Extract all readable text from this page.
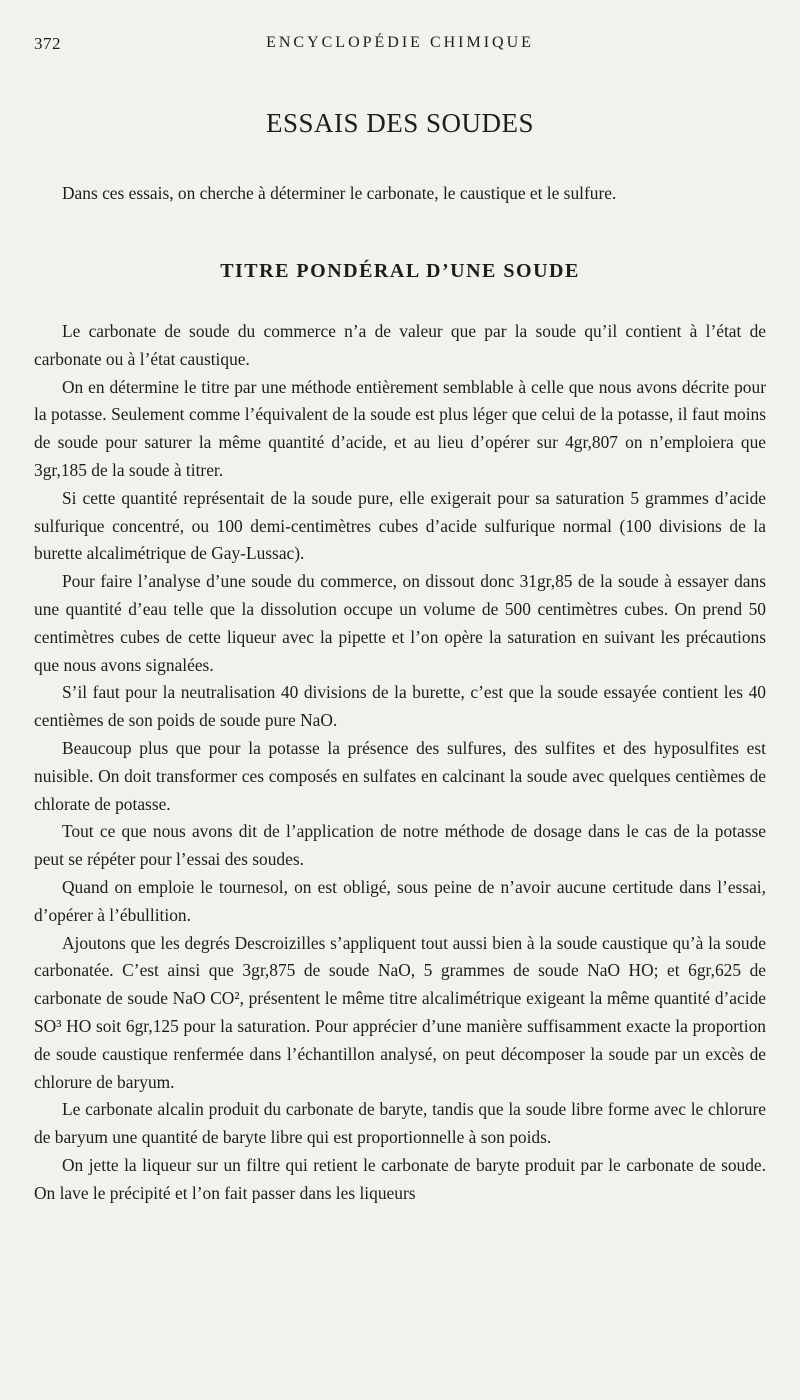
372	ENCYCLOPÉDIE CHIMIQUE
ESSAIS DES SOUDES

Dans ces essais, on cherche à déterminer le carbonate, le caustique et le sulfure.

TITRE PONDÉRAL D’UNE SOUDE

Le carbonate de soude du commerce n’a de valeur que par la soude qu’il contient à l’état de carbonate ou à l’état caustique.

On en détermine le titre par une méthode entièrement semblable à celle que nous avons décrite pour la potasse. Seulement comme l’équivalent de la soude est plus léger que celui de la potasse, il faut moins de soude pour saturer la même quantité d’acide, et au lieu d’opérer sur 4gr,807 on n’emploiera que 3gr,185 de la soude à titrer.

Si cette quantité représentait de la soude pure, elle exigerait pour sa saturation 5 grammes d’acide sulfurique concentré, ou 100 demi-centimètres cubes d’acide sulfurique normal (100 divisions de la burette alcalimétrique de Gay-Lussac).

Pour faire l’analyse d’une soude du commerce, on dissout donc 31gr,85 de la soude à essayer dans une quantité d’eau telle que la dissolution occupe un volume de 500 centimètres cubes. On prend 50 centimètres cubes de cette liqueur avec la pipette et l’on opère la saturation en suivant les précautions que nous avons signalées.

S’il faut pour la neutralisation 40 divisions de la burette, c’est que la soude essayée contient les 40 centièmes de son poids de soude pure NaO.

Beaucoup plus que pour la potasse la présence des sulfures, des sulfites et des hyposulfites est nuisible. On doit transformer ces composés en sulfates en calcinant la soude avec quelques centièmes de chlorate de potasse.

Tout ce que nous avons dit de l’application de notre méthode de dosage dans le cas de la potasse peut se répéter pour l’essai des soudes.

Quand on emploie le tournesol, on est obligé, sous peine de n’avoir aucune certitude dans l’essai, d’opérer à l’ébullition.

Ajoutons que les degrés Descroizilles s’appliquent tout aussi bien à la soude caustique qu’à la soude carbonatée. C’est ainsi que 3gr,875 de soude NaO, 5 grammes de soude NaO HO; et 6gr,625 de carbonate de soude NaO CO², présentent le même titre alcalimétrique exigeant la même quantité d’acide SO³ HO soit 6gr,125 pour la saturation. Pour apprécier d’une manière suffisamment exacte la proportion de soude caustique renfermée dans l’échantillon analysé, on peut décomposer la soude par un excès de chlorure de baryum.

Le carbonate alcalin produit du carbonate de baryte, tandis que la soude libre forme avec le chlorure de baryum une quantité de baryte libre qui est proportionnelle à son poids.

On jette la liqueur sur un filtre qui retient le carbonate de baryte produit par le carbonate de soude. On lave le précipité et l’on fait passer dans les liqueurs
